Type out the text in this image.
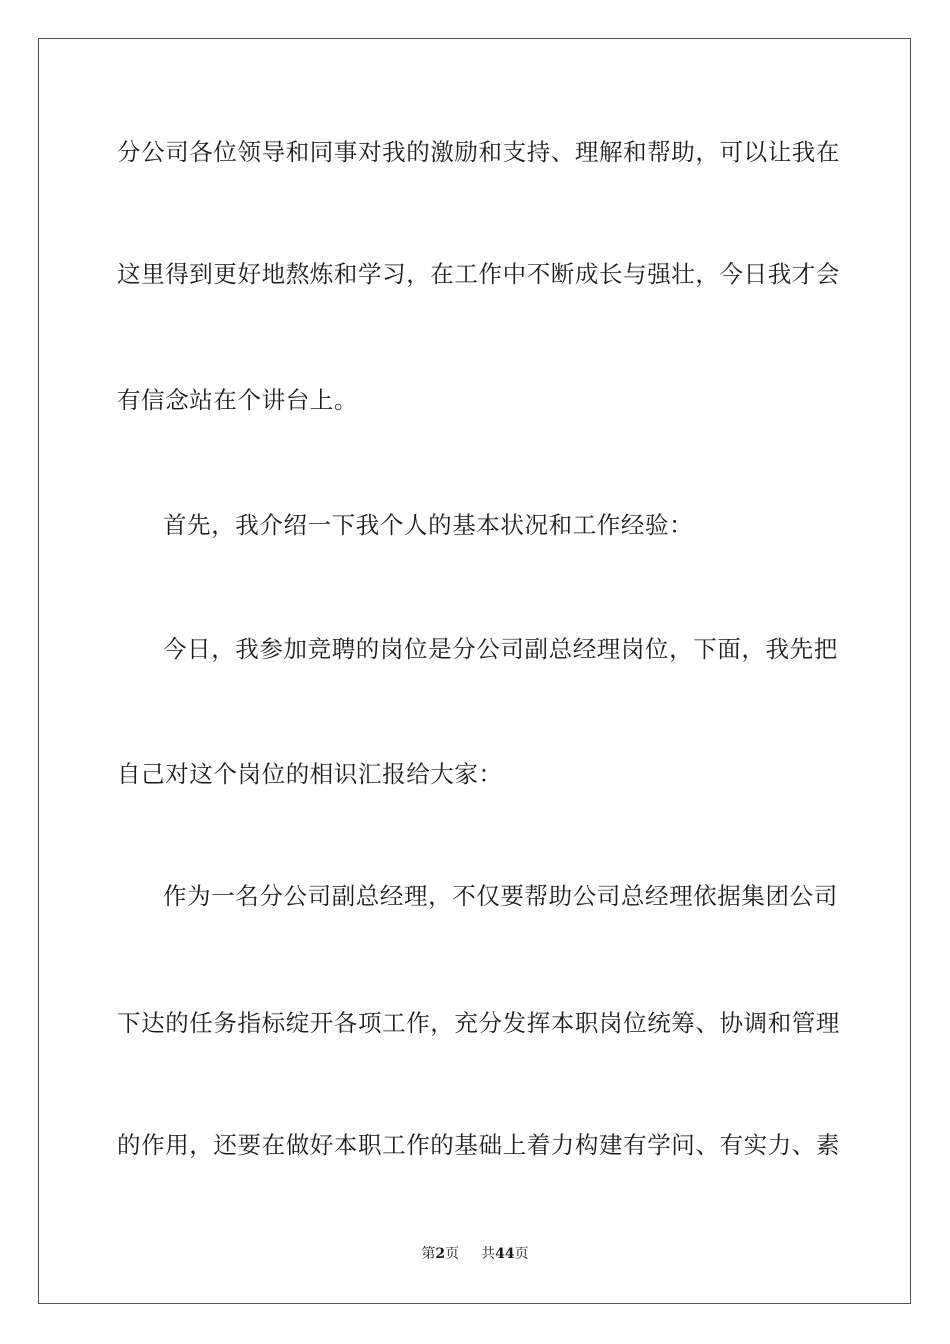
分公司各位领导和同事对我的激励和支持、理解和帮助，可以让我在
这里得到更好地熬炼和学习，在工作中不断成长与强壮，今日我才会
有信念站在个讲台上。
首先，我介绍一下我个人的基本状况和工作经验：
今日，我参加竞聘的岗位是分公司副总经理岗位，下面，我先把
自己对这个岗位的相识汇报给大家：
作为一名分公司副总经理，不仅要帮助公司总经理依据集团公司
下达的任务指标绽开各项工作，充分发挥本职岗位统筹、协调和管理
的作用，还要在做好本职工作的基础上着力构建有学问、有实力、素
第2页 共44页
